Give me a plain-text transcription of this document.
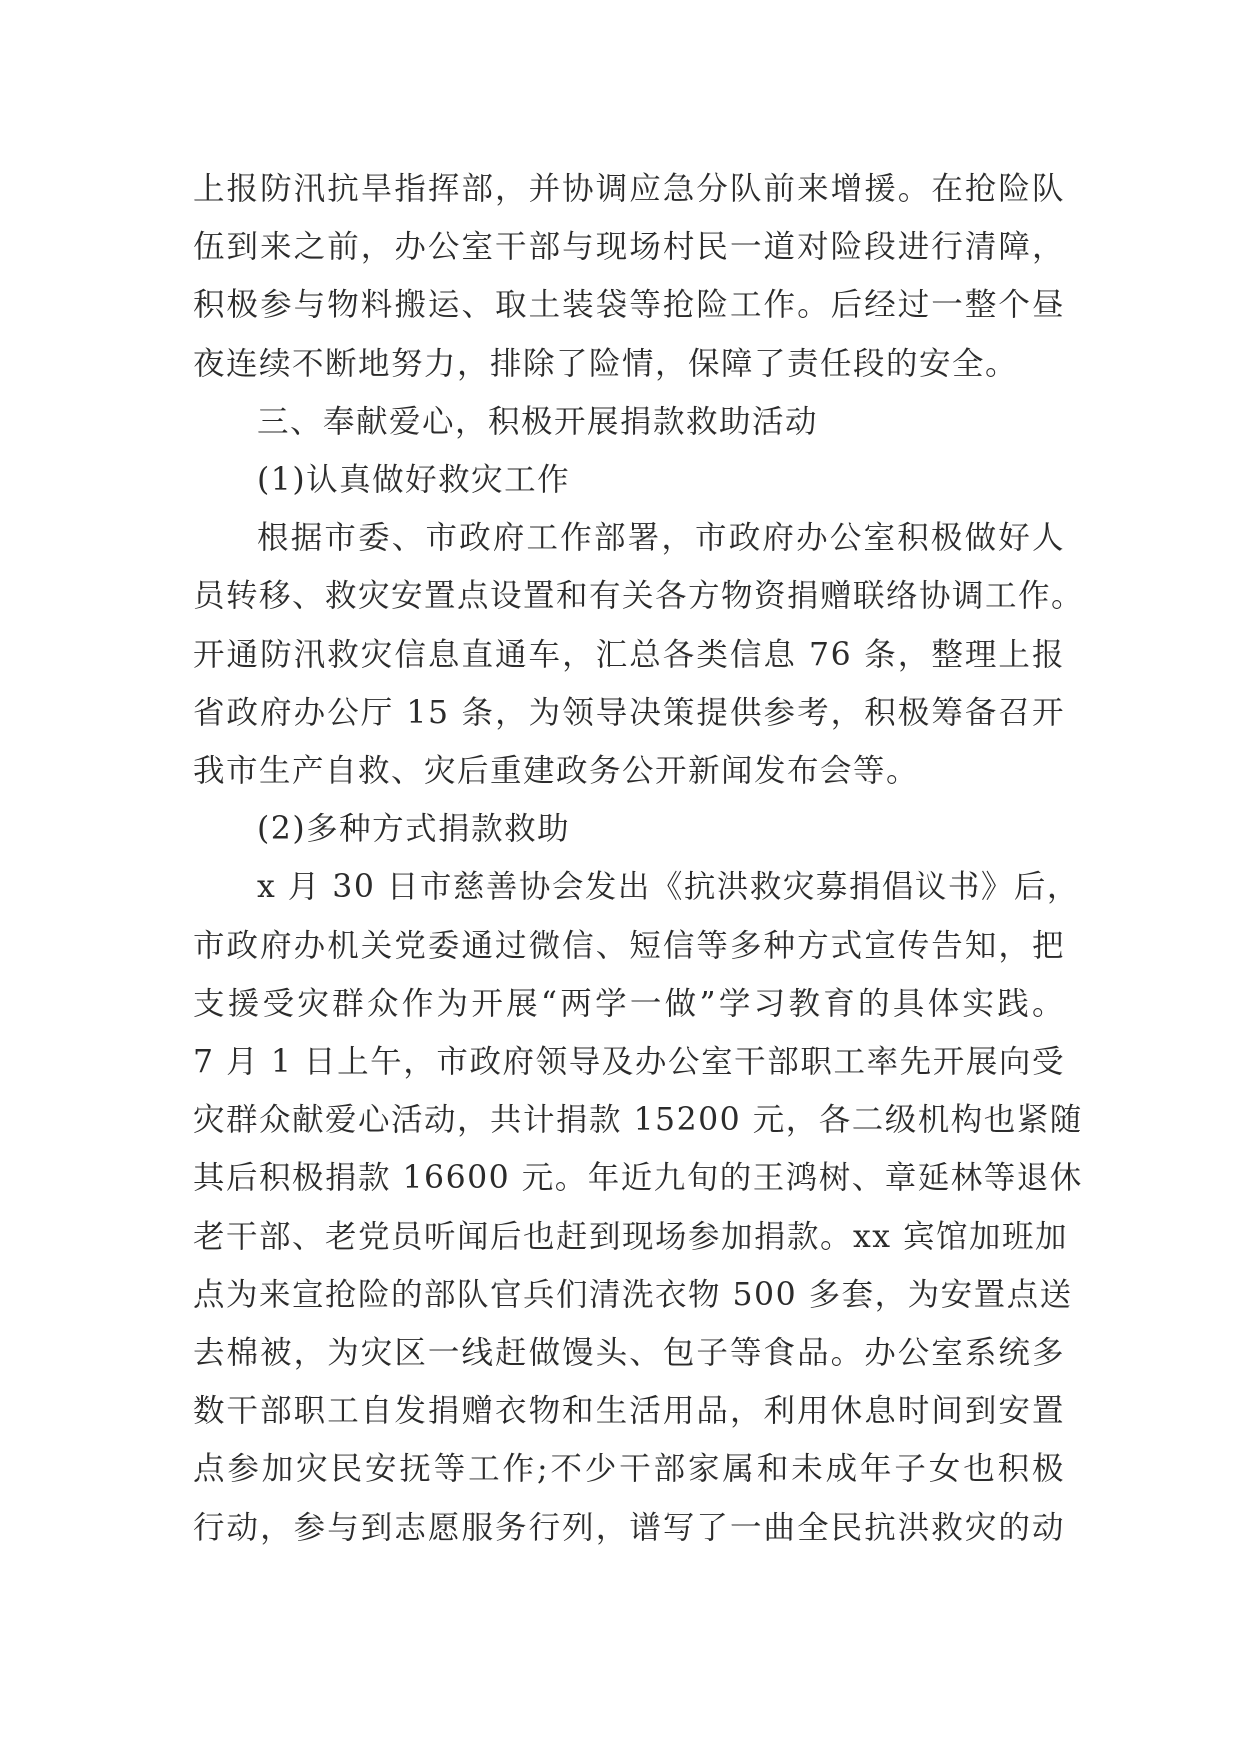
上报防汛抗旱指挥部，并协调应急分队前来增援。在抢险队
伍到来之前，办公室干部与现场村民一道对险段进行清障，
积极参与物料搬运、取土装袋等抢险工作。后经过一整个昼
夜连续不断地努力，排除了险情，保障了责任段的安全。
三、奉献爱心，积极开展捐款救助活动
(1)认真做好救灾工作
根据市委、市政府工作部署，市政府办公室积极做好人
员转移、救灾安置点设置和有关各方物资捐赠联络协调工作。
开通防汛救灾信息直通车，汇总各类信息 76 条，整理上报
省政府办公厅 15 条，为领导决策提供参考，积极筹备召开
我市生产自救、灾后重建政务公开新闻发布会等。
(2)多种方式捐款救助
x 月 30 日市慈善协会发出《抗洪救灾募捐倡议书》后，
市政府办机关党委通过微信、短信等多种方式宣传告知，把
支援受灾群众作为开展“两学一做”学习教育的具体实践。
7 月 1 日上午，市政府领导及办公室干部职工率先开展向受
灾群众献爱心活动，共计捐款 15200 元，各二级机构也紧随
其后积极捐款 16600 元。年近九旬的王鸿树、章延林等退休
老干部、老党员听闻后也赶到现场参加捐款。xx 宾馆加班加
点为来宣抢险的部队官兵们清洗衣物 500 多套，为安置点送
去棉被，为灾区一线赶做馒头、包子等食品。办公室系统多
数干部职工自发捐赠衣物和生活用品，利用休息时间到安置
点参加灾民安抚等工作;不少干部家属和未成年子女也积极
行动，参与到志愿服务行列，谱写了一曲全民抗洪救灾的动
